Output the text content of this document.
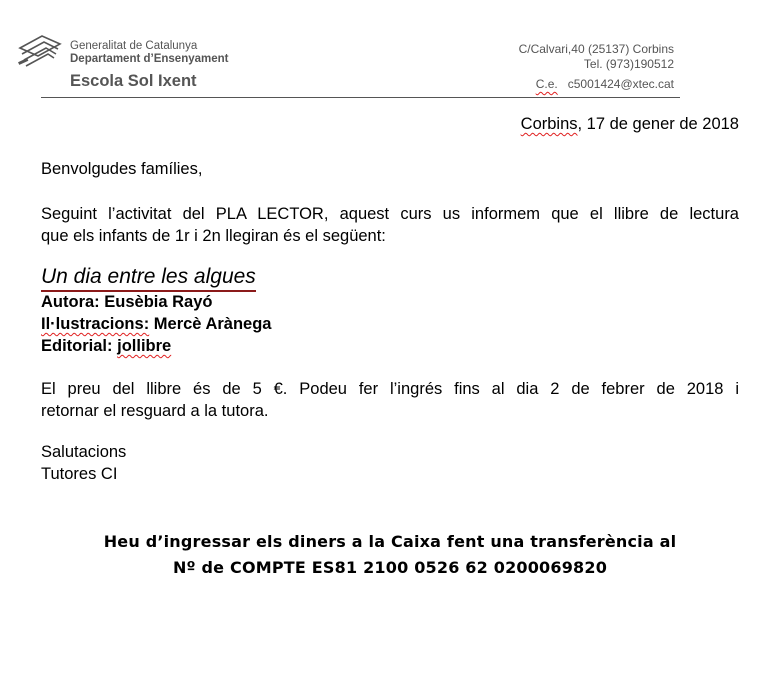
Generalitat de Catalunya
Departament d’Ensenyament
Escola Sol Ixent
C/Calvari,40 (25137) Corbins
Tel. (973)190512
C.e. c5001424@xtec.cat
Corbins, 17 de gener de 2018
Benvolgudes famílies,
Seguint l’activitat del PLA LECTOR, aquest curs us informem que el llibre de lectura
que els infants de 1r i 2n llegiran és el següent:
Un dia entre les algues
Autora: Eusèbia Rayó
Il·lustracions: Mercè Arànega
Editorial: jollibre
El preu del llibre és de 5 €. Podeu fer l’ingrés fins al dia 2 de febrer de 2018 i
retornar el resguard a la tutora.
Salutacions
Tutores CI
Heu d’ingressar els diners a la Caixa fent una transferència al
Nº de COMPTE ES81 2100 0526 62 0200069820
